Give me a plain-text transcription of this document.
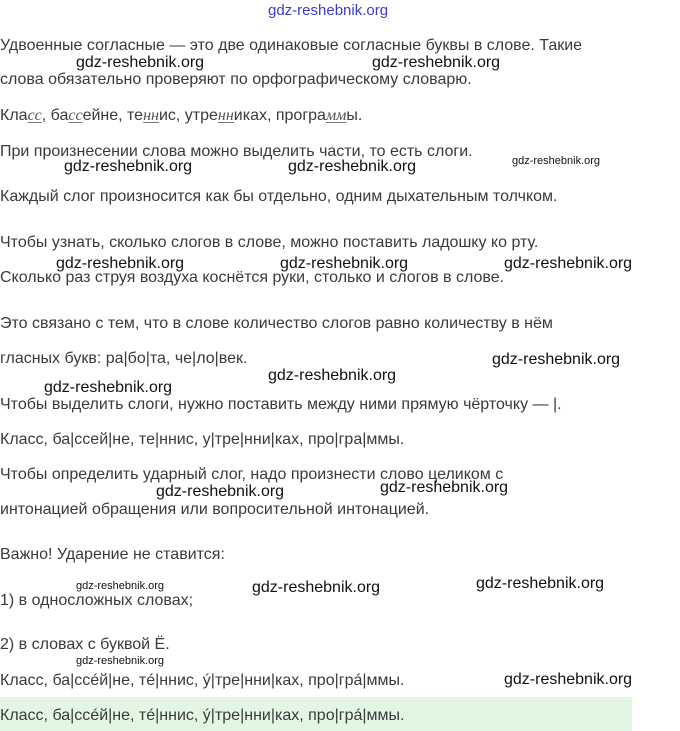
gdz-reshebnik.org
Удвоенные согласные — это две одинаковые согласные буквы в слове. Такие
слова обязательно проверяют по орфографическому словарю.
Класс, бассейне, теннис, утренниках, программы.
При произнесении слова можно выделить части, то есть слоги.
Каждый слог произносится как бы отдельно, одним дыхательным толчком.
Чтобы узнать, сколько слогов в слове, можно поставить ладошку ко рту.
Сколько раз струя воздуха коснётся руки, столько и слогов в слове.
Это связано с тем, что в слове количество слогов равно количеству в нём
гласных букв: ра|бо|та, че|ло|век.
Чтобы выделить слоги, нужно поставить между ними прямую чёрточку — |.
Класс, ба|ссей|не, те|ннис, у|тре|нни|ках, про|гра|ммы.
Чтобы определить ударный слог, надо произнести слово целиком с
интонацией обращения или вопросительной интонацией.
Важно! Ударение не ставится:
1) в односложных словах;
2) в словах с буквой Ё.
Класс, ба|ссéй|не, тé|ннис, ý|тре|нни|ках, про|грá|ммы.
Класс, ба|ссéй|не, тé|ннис, ý|тре|нни|ках, про|грá|ммы.
gdz-reshebnik.org	gdz-reshebnik.org
gdz-reshebnik.org	gdz-reshebnik.org	gdz-reshebnik.org
gdz-reshebnik.org	gdz-reshebnik.org	gdz-reshebnik.org
gdz-reshebnik.org
gdz-reshebnik.org
gdz-reshebnik.org
gdz-reshebnik.org
gdz-reshebnik.org
gdz-reshebnik.org	gdz-reshebnik.org	gdz-reshebnik.org
gdz-reshebnik.org
gdz-reshebnik.org
